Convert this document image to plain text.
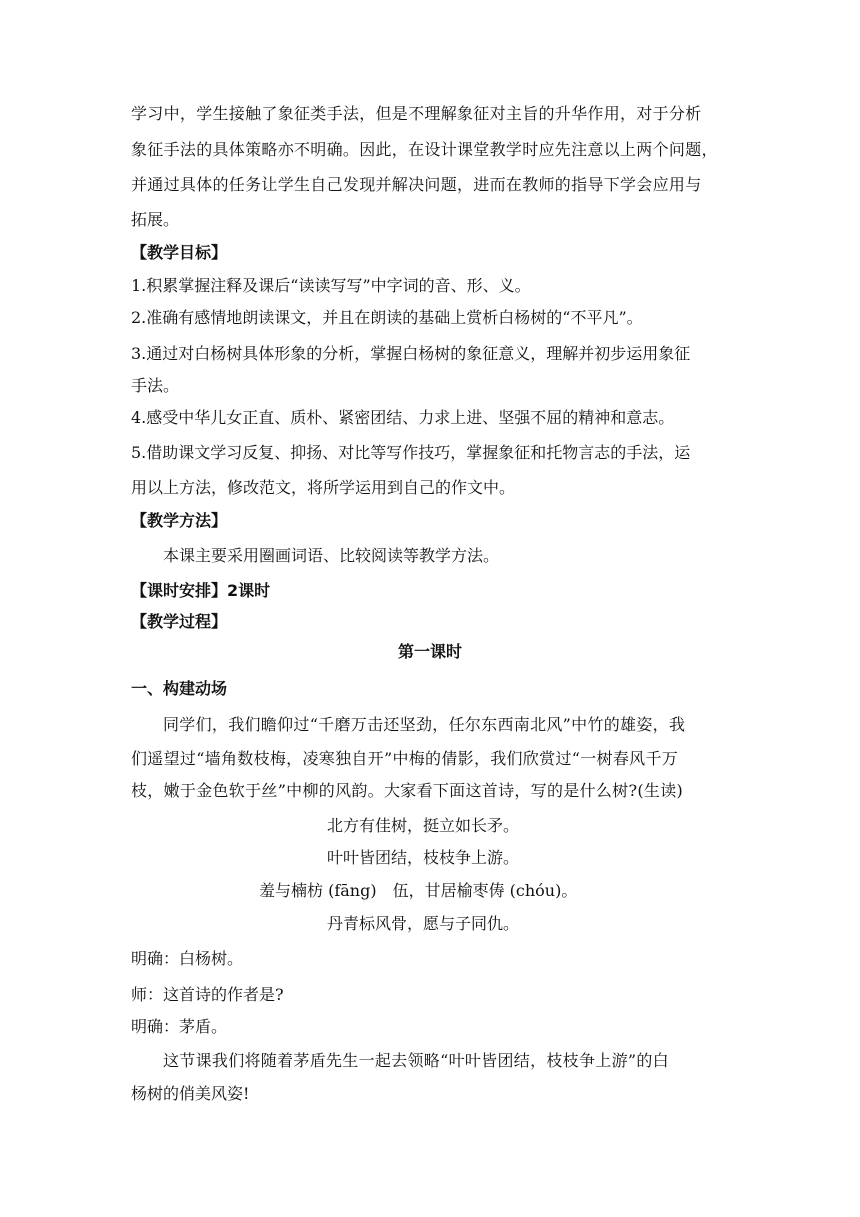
学习中，学生接触了象征类手法，但是不理解象征对主旨的升华作用，对于分析
象征手法的具体策略亦不明确。因此，在设计课堂教学时应先注意以上两个问题，
并通过具体的任务让学生自己发现并解决问题，进而在教师的指导下学会应用与
拓展。
【教学目标】
1.积累掌握注释及课后“读读写写”中字词的音、形、义。
2.准确有感情地朗读课文，并且在朗读的基础上赏析白杨树的“不平凡”。
3.通过对白杨树具体形象的分析，掌握白杨树的象征意义，理解并初步运用象征
手法。
4.感受中华儿女正直、质朴、紧密团结、力求上进、坚强不屈的精神和意志。
5.借助课文学习反复、抑扬、对比等写作技巧，掌握象征和托物言志的手法，运
用以上方法，修改范文，将所学运用到自己的作文中。
【教学方法】
本课主要采用圈画词语、比较阅读等教学方法。
【课时安排】2课时
【教学过程】
第一课时
一、构建动场
同学们，我们瞻仰过“千磨万击还坚劲，任尔东西南北风”中竹的雄姿，我
们遥望过“墙角数枝梅，凌寒独自开”中梅的倩影，我们欣赏过“一树春风千万
枝，嫩于金色软于丝”中柳的风韵。大家看下面这首诗，写的是什么树?(生读)
北方有佳树，挺立如长矛。
叶叶皆团结，枝枝争上游。
羞与楠枋 (fāng)　伍，甘居榆枣俦 (chóu)。
丹青标风骨，愿与子同仇。
明确：白杨树。
师：这首诗的作者是?
明确：茅盾。
这节课我们将随着茅盾先生一起去领略“叶叶皆团结，枝枝争上游”的白
杨树的俏美风姿!
